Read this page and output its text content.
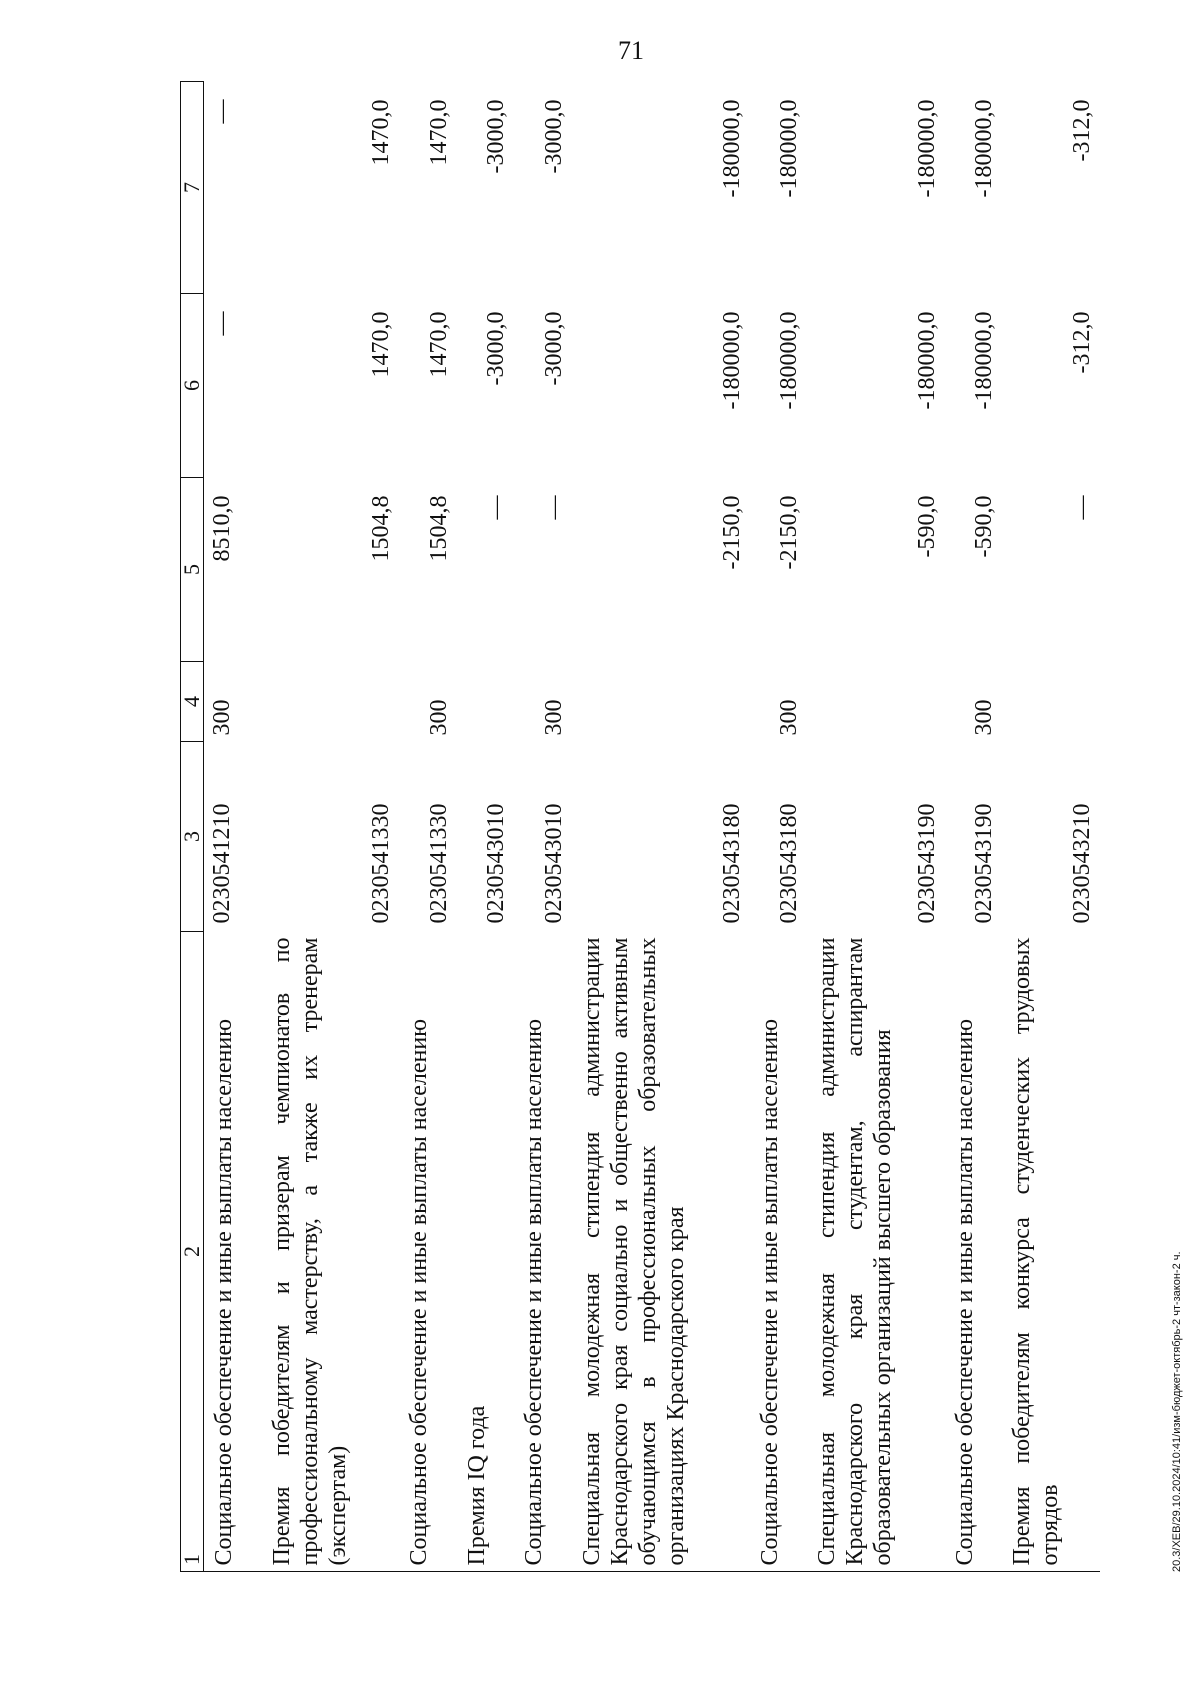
71
20.3/ХЕВ/29.10.2024/10:41/изм-бюджет-октябрь-2 чт-закон-2 ч.
1	2	3	4	5	6	7
	Социальное обеспечение и иные выплаты населению	0230541210	300	8510,0	—	—
	Премия победителям и призерам чемпионатов по профессиональному мастерству, а также их тренерам (экспертам)	0230541330		1504,8	1470,0	1470,0
	Социальное обеспечение и иные выплаты населению	0230541330	300	1504,8	1470,0	1470,0
	Премия IQ года	0230543010		—	-3000,0	-3000,0
	Социальное обеспечение и иные выплаты населению	0230543010	300	—	-3000,0	-3000,0
	Специальная молодежная стипендия администрации Краснодарского края социально и общественно активным обучающимся в профессиональных образовательных организациях Краснодарского края	0230543180		-2150,0	-180000,0	-180000,0
	Социальное обеспечение и иные выплаты населению	0230543180	300	-2150,0	-180000,0	-180000,0
	Специальная молодежная стипендия администрации Краснодарского края студентам, аспирантам образовательных организаций высшего образования	0230543190		-590,0	-180000,0	-180000,0
	Социальное обеспечение и иные выплаты населению	0230543190	300	-590,0	-180000,0	-180000,0
	Премия победителям конкурса студенческих трудовых отрядов	0230543210		—	-312,0	-312,0
